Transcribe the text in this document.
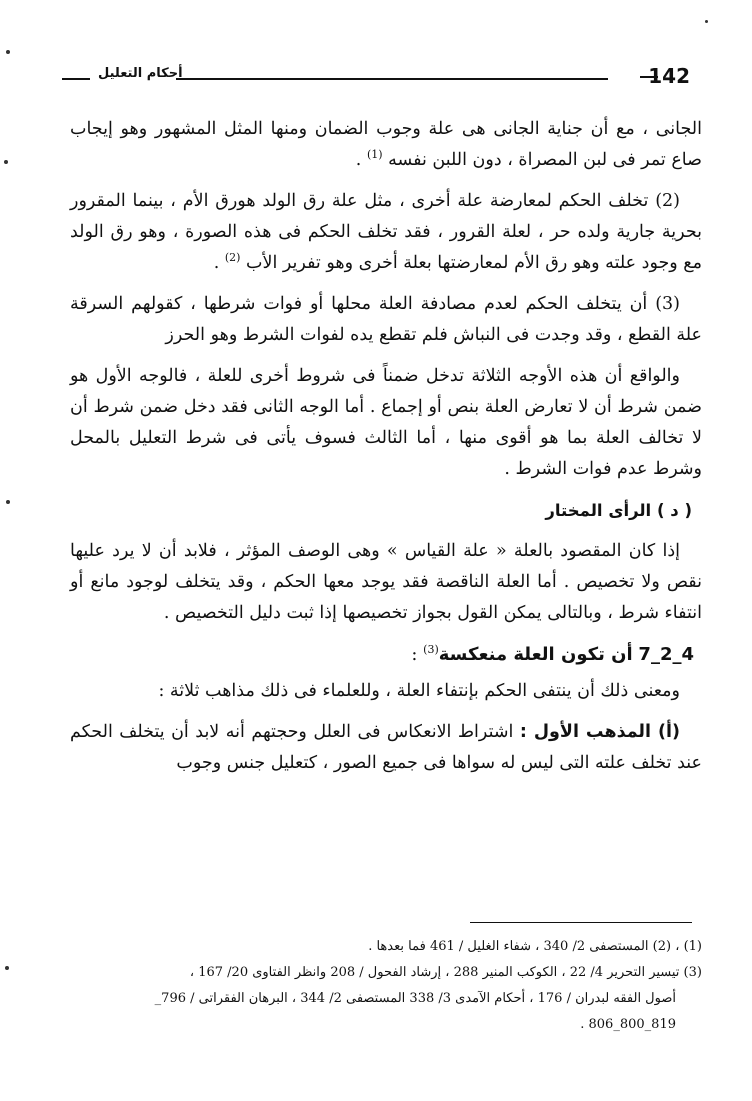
142
أحكام التعليل

الجانى ، مع أن جناية الجانى هى علة وجوب الضمان ومنها المثل المشهور وهو إيجاب صاع تمر فى لبن المصراة ، دون اللبن نفسه $^{(1)}$ .

(2) تخلف الحكم لمعارضة علة أخرى ، مثل علة رق الولد هورق الأم ، بينما المقرور بحرية جارية ولده حر ، لعلة القرور ، فقد تخلف الحكم فى هذه الصورة ، وهو رق الولد مع وجود علته وهو رق الأم لمعارضتها بعلة أخرى وهو تفرير الأب $^{(2)}$ .

(3) أن يتخلف الحكم لعدم مصادفة العلة محلها أو فوات شرطها ، كقولهم السرقة علة القطع ، وقد وجدت فى النباش فلم تقطع يده لفوات الشرط وهو الحرز

والواقع أن هذه الأوجه الثلاثة تدخل ضمناً فى شروط أخرى للعلة ، فالوجه الأول هو ضمن شرط أن لا تعارض العلة بنص أو إجماع . أما الوجه الثانى فقد دخل ضمن شرط أن لا تخالف العلة بما هو أقوى منها ، أما الثالث فسوف يأتى فى شرط التعليل بالمحل وشرط عدم فوات الشرط .

( د ) الرأى المختار

إذا كان المقصود بالعلة « علة القياس » وهى الوصف المؤثر ، فلابد أن لا يرد عليها نقص ولا تخصيص . أما العلة الناقصة فقد يوجد معها الحكم ، وقد يتخلف لوجود مانع أو انتفاء شرط ، وبالتالى يمكن القول بجواز تخصيصها إذا ثبت دليل التخصيص .

4_2_7 أن تكون العلة منعكسة$^{(3)}$ :

ومعنى ذلك أن ينتفى الحكم بإنتفاء العلة ، وللعلماء فى ذلك مذاهب ثلاثة :

(أ) المذهب الأول : اشتراط الانعكاس فى العلل وحجتهم أنه لابد أن يتخلف الحكم عند تخلف علته التى ليس له سواها فى جميع الصور ، كتعليل جنس وجوب

(1) ، (2) المستصفى 2/ 340 ، شفاء الغليل / 461 فما بعدها .

(3) تيسير التحرير 4/ 22 ، الكوكب المنير 288 ، إرشاد الفحول / 208 وانظر الفتاوى 20/ 167 ،

أصول الفقه لبدران / 176 ، أحكام الآمدى 3/ 338 المستصفى 2/ 344 ، البرهان الفقراتى / 796_

819_800_806 .
